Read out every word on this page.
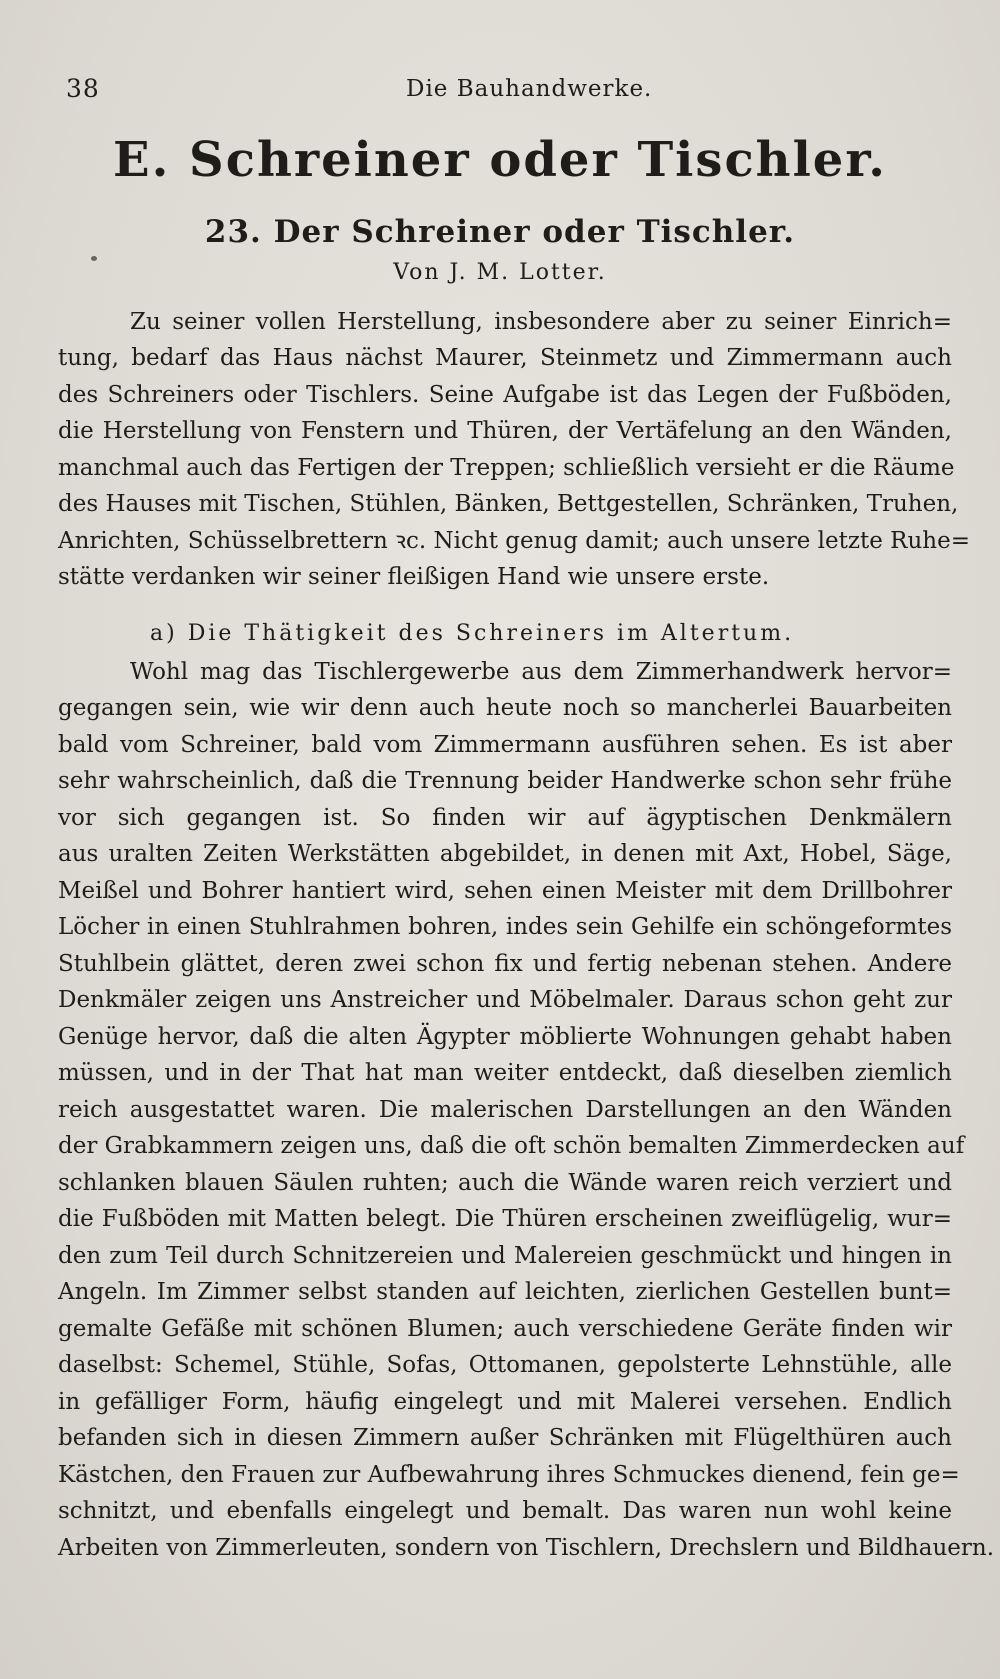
38	Die Bauhandwerke.
E. Schreiner oder Tischler.
23. Der Schreiner oder Tischler.
Von J. M. Lotter.
Zu seiner vollen Herstellung, insbesondere aber zu seiner Einrich=
tung, bedarf das Haus nächst Maurer, Steinmetz und Zimmermann auch
des Schreiners oder Tischlers. Seine Aufgabe ist das Legen der Fußböden,
die Herstellung von Fenstern und Thüren, der Vertäfelung an den Wänden,
manchmal auch das Fertigen der Treppen; schließlich versieht er die Räume
des Hauses mit Tischen, Stühlen, Bänken, Bettgestellen, Schränken, Truhen,
Anrichten, Schüsselbrettern ꝛc. Nicht genug damit; auch unsere letzte Ruhe=
stätte verdanken wir seiner fleißigen Hand wie unsere erste.
a) Die Thätigkeit des Schreiners im Altertum.
Wohl mag das Tischlergewerbe aus dem Zimmerhandwerk hervor=
gegangen sein, wie wir denn auch heute noch so mancherlei Bauarbeiten
bald vom Schreiner, bald vom Zimmermann ausführen sehen. Es ist aber
sehr wahrscheinlich, daß die Trennung beider Handwerke schon sehr frühe
vor sich gegangen ist. So finden wir auf ägyptischen Denkmälern
aus uralten Zeiten Werkstätten abgebildet, in denen mit Axt, Hobel, Säge,
Meißel und Bohrer hantiert wird, sehen einen Meister mit dem Drillbohrer
Löcher in einen Stuhlrahmen bohren, indes sein Gehilfe ein schöngeformtes
Stuhlbein glättet, deren zwei schon fix und fertig nebenan stehen. Andere
Denkmäler zeigen uns Anstreicher und Möbelmaler. Daraus schon geht zur
Genüge hervor, daß die alten Ägypter möblierte Wohnungen gehabt haben
müssen, und in der That hat man weiter entdeckt, daß dieselben ziemlich
reich ausgestattet waren. Die malerischen Darstellungen an den Wänden
der Grabkammern zeigen uns, daß die oft schön bemalten Zimmerdecken auf
schlanken blauen Säulen ruhten; auch die Wände waren reich verziert und
die Fußböden mit Matten belegt. Die Thüren erscheinen zweiflügelig, wur=
den zum Teil durch Schnitzereien und Malereien geschmückt und hingen in
Angeln. Im Zimmer selbst standen auf leichten, zierlichen Gestellen bunt=
gemalte Gefäße mit schönen Blumen; auch verschiedene Geräte finden wir
daselbst: Schemel, Stühle, Sofas, Ottomanen, gepolsterte Lehnstühle, alle
in gefälliger Form, häufig eingelegt und mit Malerei versehen. Endlich
befanden sich in diesen Zimmern außer Schränken mit Flügelthüren auch
Kästchen, den Frauen zur Aufbewahrung ihres Schmuckes dienend, fein ge=
schnitzt, und ebenfalls eingelegt und bemalt. Das waren nun wohl keine
Arbeiten von Zimmerleuten, sondern von Tischlern, Drechslern und Bildhauern.
